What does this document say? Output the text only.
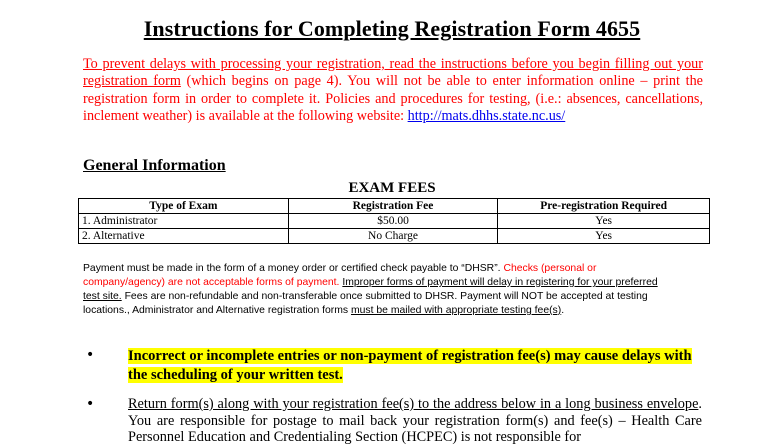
Instructions for Completing Registration Form 4655
To prevent delays with processing your registration, read the instructions before you begin filling out your registration form (which begins on page 4). You will not be able to enter information online – print the registration form in order to complete it. Policies and procedures for testing, (i.e.: absences, cancellations, inclement weather) is available at the following website: http://mats.dhhs.state.nc.us/
General Information
EXAM FEES
Type of Exam	Registration Fee	Pre-registration Required
1. Administrator	$50.00	Yes
2. Alternative	No Charge	Yes
Payment must be made in the form of a money order or certified check payable to “DHSR”. Checks (personal or company/agency) are not acceptable forms of payment. Improper forms of payment will delay in registering for your preferred test site. Fees are non-refundable and non-transferable once submitted to DHSR. Payment will NOT be accepted at testing locations., Administrator and Alternative registration forms must be mailed with appropriate testing fee(s).
• Incorrect or incomplete entries or non-payment of registration fee(s) may cause delays with the scheduling of your written test.
• Return form(s) along with your registration fee(s) to the address below in a long business envelope. You are responsible for postage to mail back your registration form(s) and fee(s) – Health Care Personnel Education and Credentialing Section (HCPEC) is not responsible for
